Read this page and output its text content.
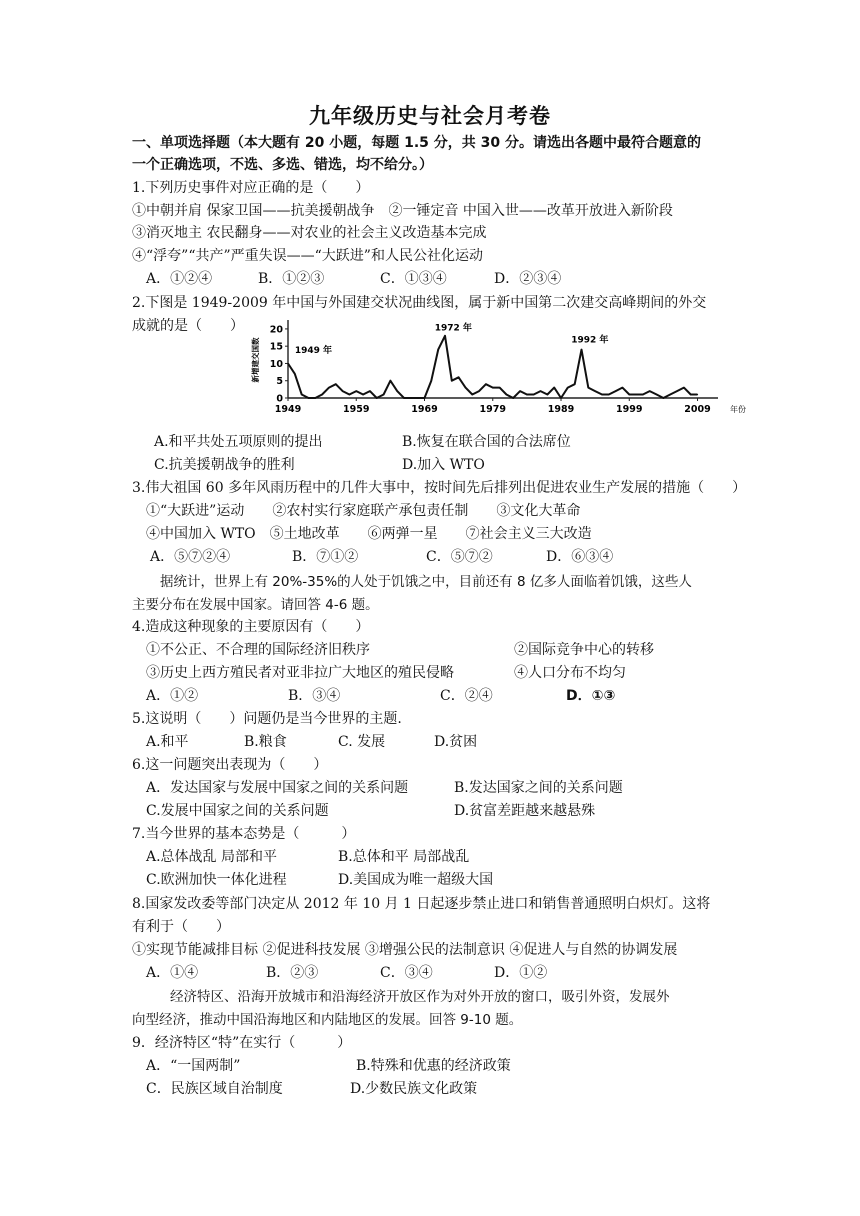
九年级历史与社会月考卷
一、单项选择题（本大题有 20 小题，每题 1.5 分，共 30 分。请选出各题中最符合题意的
一个正确选项，不选、多选、错选，均不给分。）
1.下列历史事件对应正确的是（　　）
①中朝并肩 保家卫国——抗美援朝战争　②一锤定音 中国入世——改革开放进入新阶段
③消灭地主 农民翻身——对农业的社会主义改造基本完成
④“浮夸”“共产”严重失误——“大跃进”和人民公社化运动
A．①②④	B．①②③	C．①③④	D．②③④
2.下图是 1949-2009 年中国与外国建交状况曲线图，属于新中国第二次建交高峰期间的外交
成就的是（　　）
0
5
10
15
20
1949	1959	1969	1979	1989	1999	2009
1949 年
1972 年
1992 年
新增建交国数
年份
A.和平共处五项原则的提出	B.恢复在联合国的合法席位
C.抗美援朝战争的胜利	D.加入 WTO
3.伟大祖国 60 多年风雨历程中的几件大事中，按时间先后排列出促进农业生产发展的措施（　　）
①“大跃进”运动　　②农村实行家庭联产承包责任制　　③文化大革命
④中国加入 WTO　⑤土地改革　　⑥两弹一星　　⑦社会主义三大改造
A．⑤⑦②④	B．⑦①②	C．⑤⑦②	D．⑥③④
据统计，世界上有 20%-35%的人处于饥饿之中，目前还有 8 亿多人面临着饥饿，这些人
主要分布在发展中国家。请回答 4-6 题。
4.造成这种现象的主要原因有（　　）
①不公正、不合理的国际经济旧秩序	②国际竞争中心的转移
③历史上西方殖民者对亚非拉广大地区的殖民侵略	④人口分布不均匀
A．①②	B．③④	C．②④	D．①③
5.这说明（　　）问题仍是当今世界的主题.
A.和平	B.粮食	C. 发展	D.贫困
6.这一问题突出表现为（　　）
A．发达国家与发展中国家之间的关系问题	B.发达国家之间的关系问题
C.发展中国家之间的关系问题	D.贫富差距越来越悬殊
7.当今世界的基本态势是（　　　）
A.总体战乱 局部和平	B.总体和平 局部战乱
C.欧洲加快一体化进程	D.美国成为唯一超级大国
8.国家发改委等部门决定从 2012 年 10 月 1 日起逐步禁止进口和销售普通照明白炽灯。这将
有利于（　　）
①实现节能减排目标 ②促进科技发展 ③增强公民的法制意识 ④促进人与自然的协调发展
A．①④	B．②③	C．③④	D．①②
经济特区、沿海开放城市和沿海经济开放区作为对外开放的窗口，吸引外资，发展外
向型经济，推动中国沿海地区和内陆地区的发展。回答 9-10 题。
9．经济特区“特”在实行（　　　）
A．“一国两制”	B.特殊和优惠的经济政策
C．民族区域自治制度	D.少数民族文化政策
